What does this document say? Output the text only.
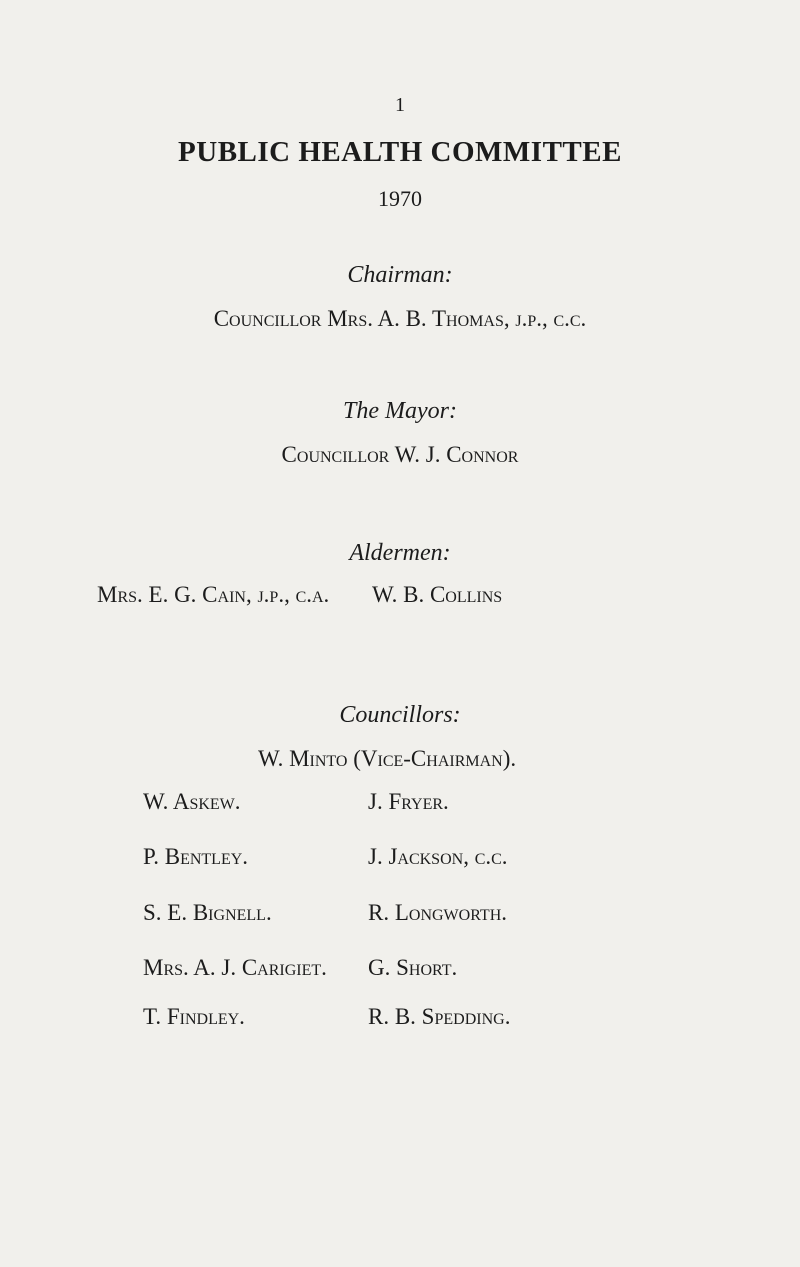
1
PUBLIC HEALTH COMMITTEE
1970
Chairman:
Councillor Mrs. A. B. Thomas, j.p., c.c.
The Mayor:
Councillor W. J. Connor
Aldermen:
Mrs. E. G. Cain, j.p., c.a. W. B. Collins
Councillors:
W. Minto (Vice-Chairman).
W. Askew.	J. Fryer.
P. Bentley.	J. Jackson, c.c.
S. E. Bignell.	R. Longworth.
Mrs. A. J. Carigiet. G. Short.
T. Findley.	R. B. Spedding.
